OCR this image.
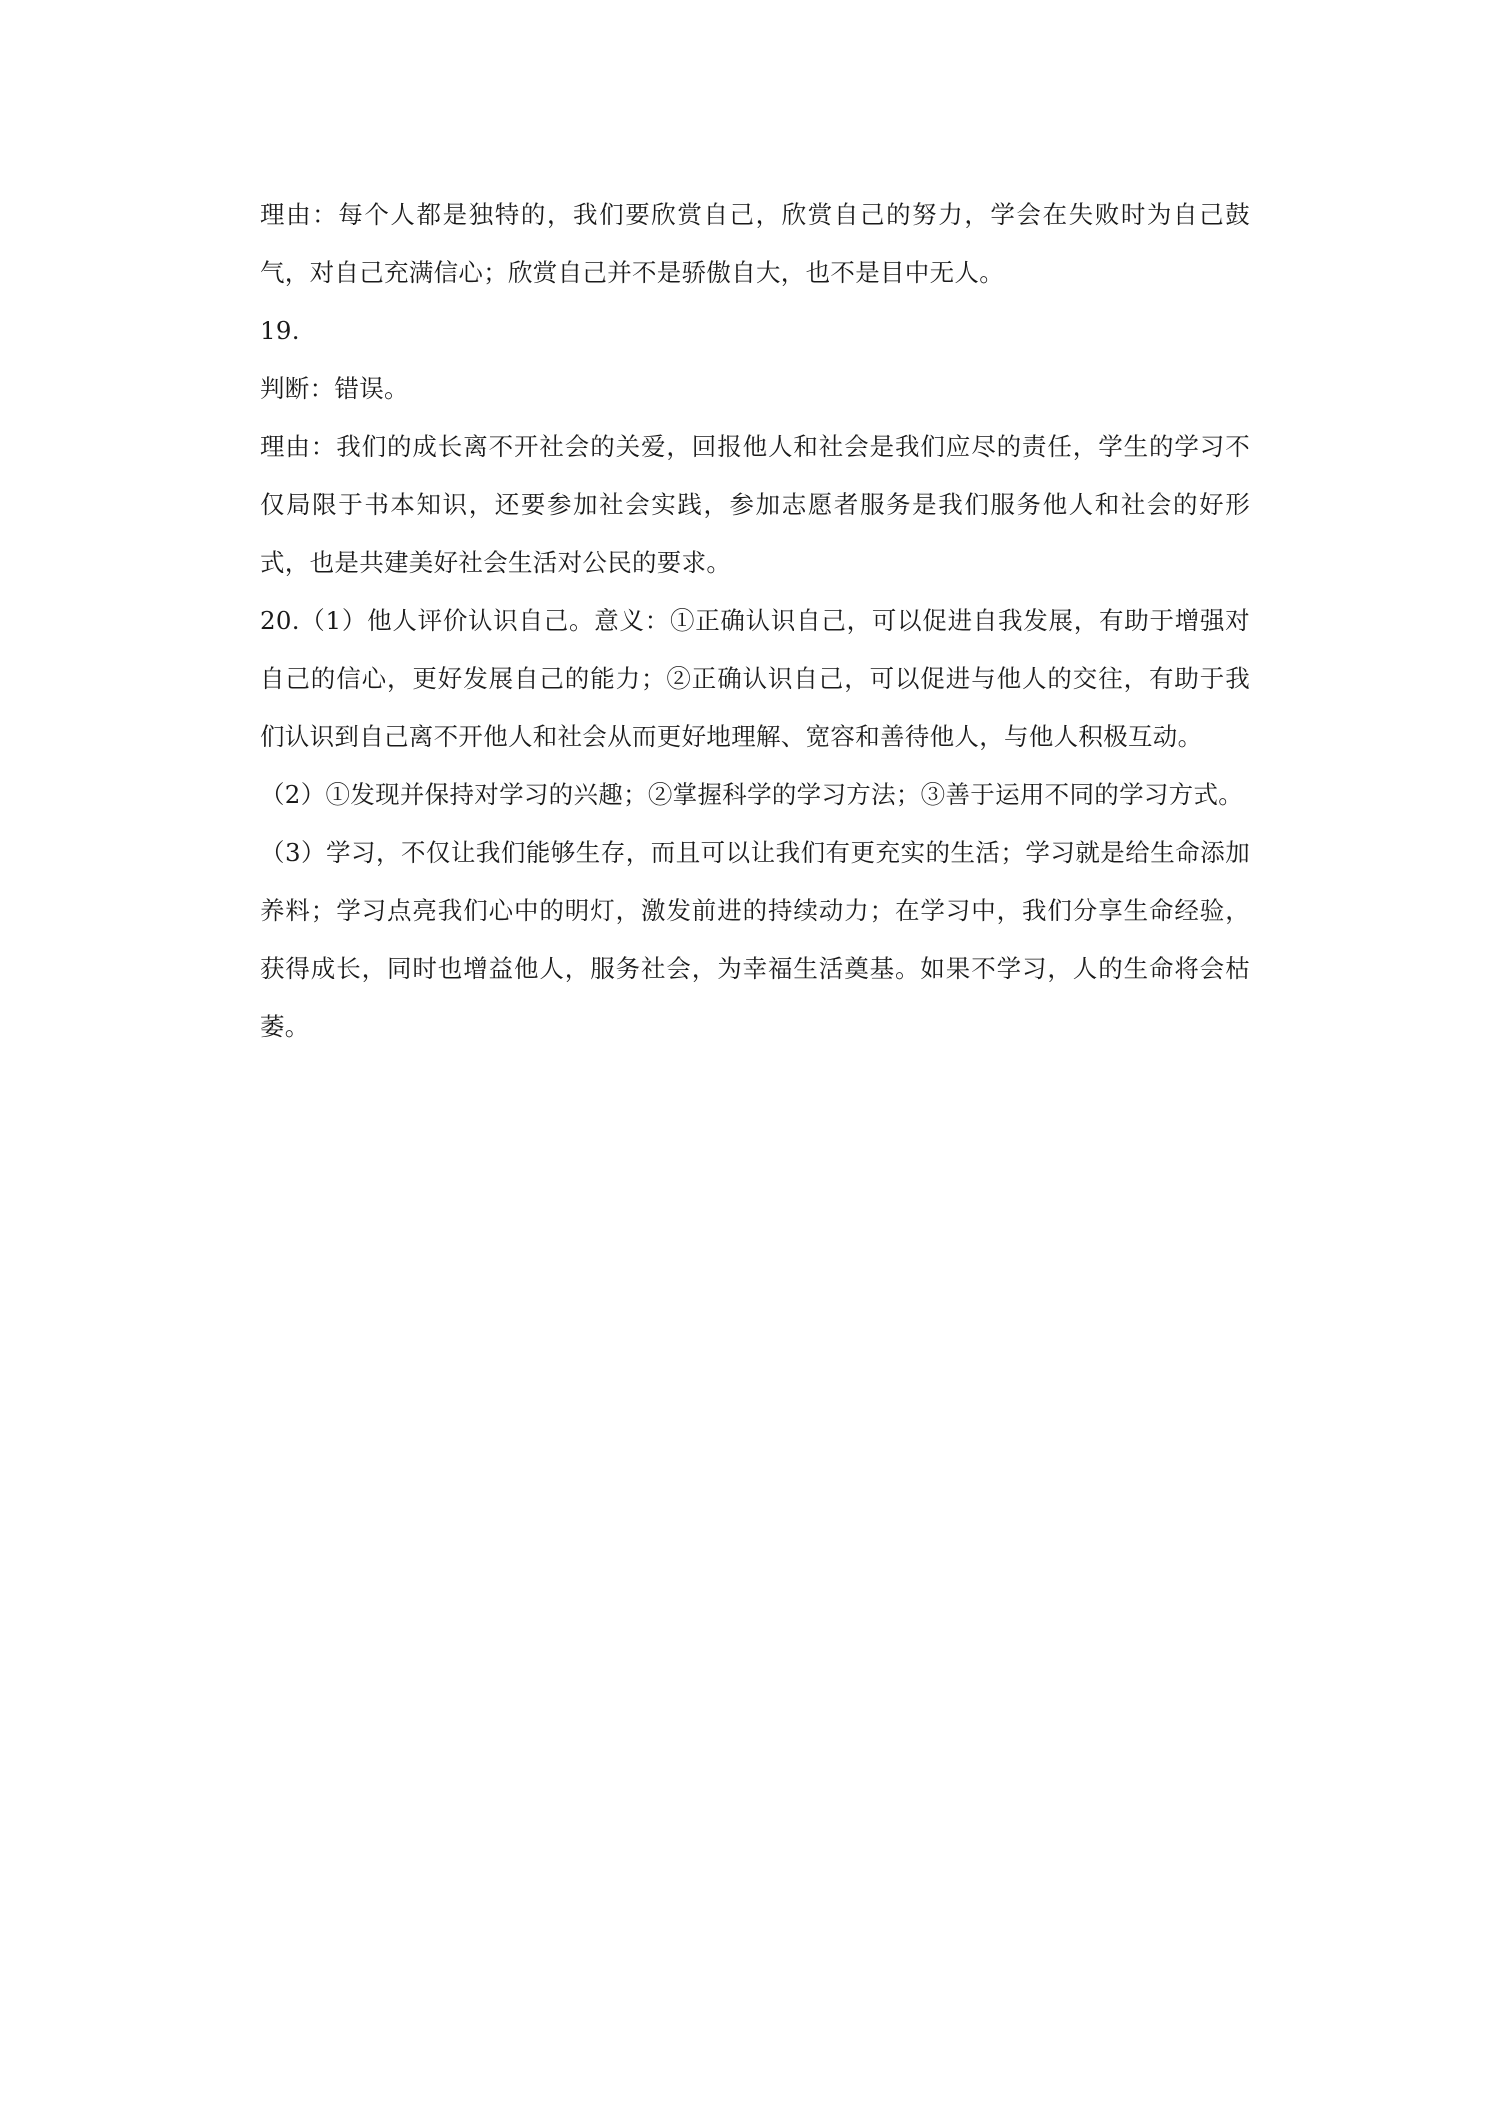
理由：每个人都是独特的，我们要欣赏自己，欣赏自己的努力，学会在失败时为自己鼓气，对自己充满信心；欣赏自己并不是骄傲自大，也不是目中无人。

19.

判断：错误。

理由：我们的成长离不开社会的关爱，回报他人和社会是我们应尽的责任，学生的学习不仅局限于书本知识，还要参加社会实践，参加志愿者服务是我们服务他人和社会的好形式，也是共建美好社会生活对公民的要求。

20.（1）他人评价认识自己。意义：①正确认识自己，可以促进自我发展，有助于增强对自己的信心，更好发展自己的能力；②正确认识自己，可以促进与他人的交往，有助于我们认识到自己离不开他人和社会从而更好地理解、宽容和善待他人，与他人积极互动。

（2）①发现并保持对学习的兴趣；②掌握科学的学习方法；③善于运用不同的学习方式。

（3）学习，不仅让我们能够生存，而且可以让我们有更充实的生活；学习就是给生命添加养料；学习点亮我们心中的明灯，激发前进的持续动力；在学习中，我们分享生命经验，获得成长，同时也增益他人，服务社会，为幸福生活奠基。如果不学习，人的生命将会枯萎。
